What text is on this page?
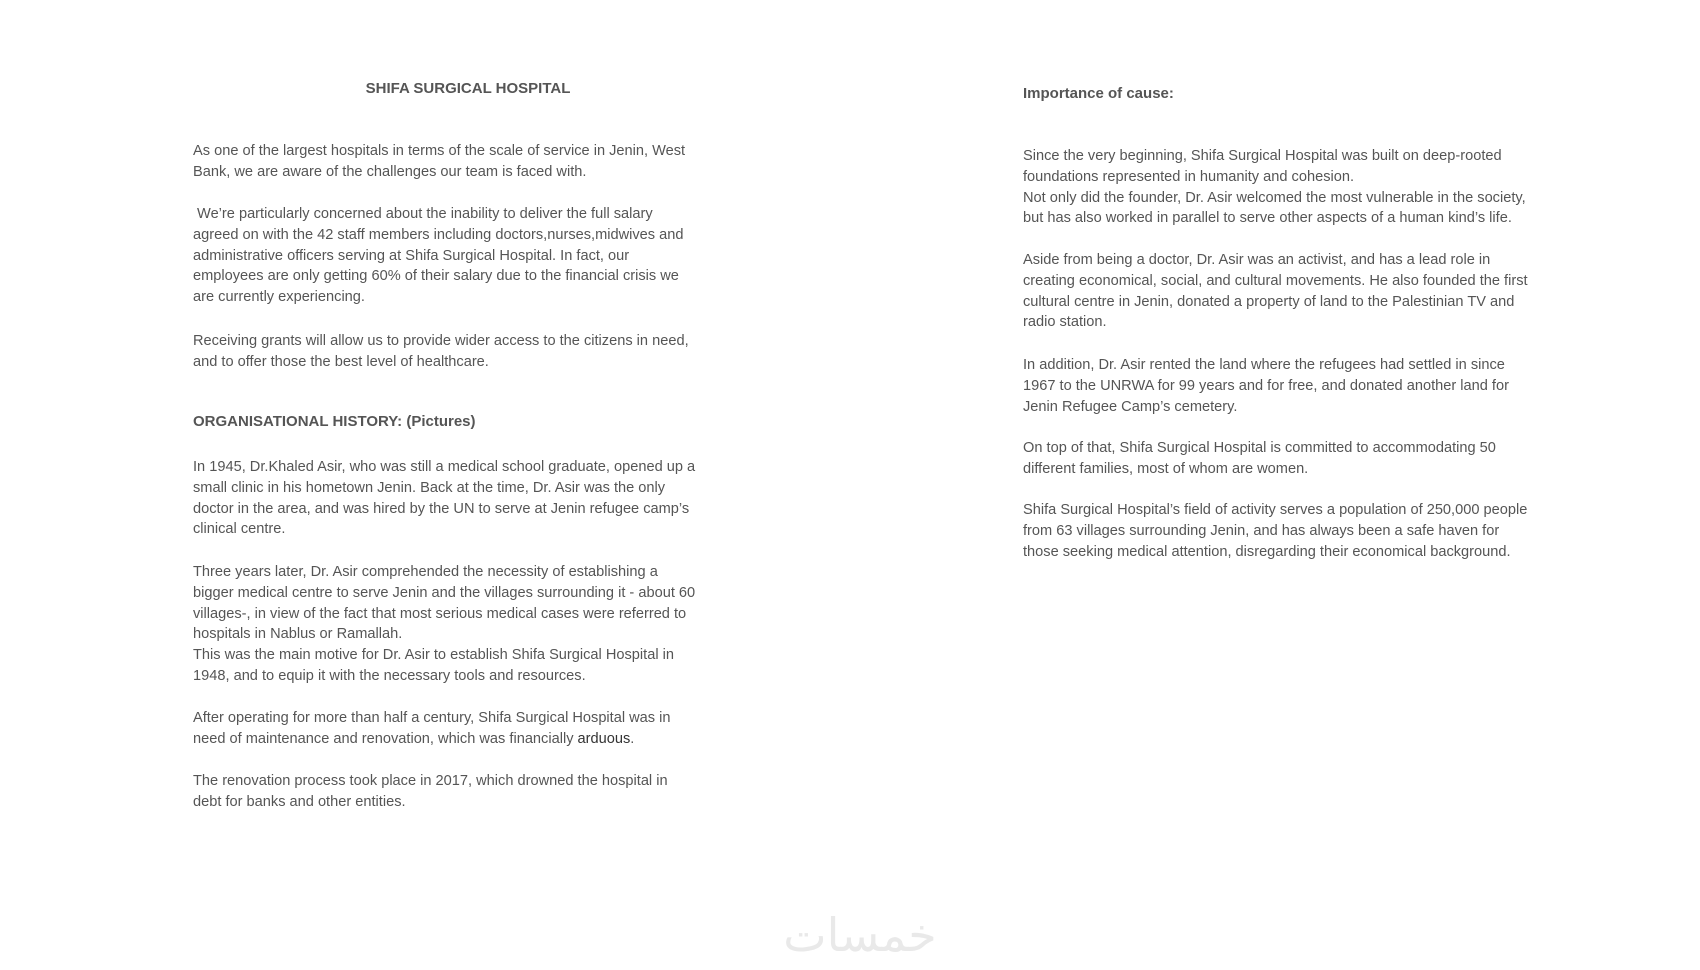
SHIFA SURGICAL HOSPITAL

As one of the largest hospitals in terms of the scale of service in Jenin, West
Bank, we are aware of the challenges our team is faced with.

We’re particularly concerned about the inability to deliver the full salary
agreed on with the 42 staff members including doctors,nurses,midwives and
administrative officers serving at Shifa Surgical Hospital. In fact, our
employees are only getting 60% of their salary due to the financial crisis we
are currently experiencing.

Receiving grants will allow us to provide wider access to the citizens in need,
and to offer those the best level of healthcare.

ORGANISATIONAL HISTORY: (Pictures)

In 1945, Dr.Khaled Asir, who was still a medical school graduate, opened up a
small clinic in his hometown Jenin. Back at the time, Dr. Asir was the only
doctor in the area, and was hired by the UN to serve at Jenin refugee camp’s
clinical centre.

Three years later, Dr. Asir comprehended the necessity of establishing a
bigger medical centre to serve Jenin and the villages surrounding it - about 60
villages-, in view of the fact that most serious medical cases were referred to
hospitals in Nablus or Ramallah.
This was the main motive for Dr. Asir to establish Shifa Surgical Hospital in
1948, and to equip it with the necessary tools and resources.

After operating for more than half a century, Shifa Surgical Hospital was in
need of maintenance and renovation, which was financially arduous.

The renovation process took place in 2017, which drowned the hospital in
debt for banks and other entities.

Importance of cause:

Since the very beginning, Shifa Surgical Hospital was built on deep-rooted
foundations represented in humanity and cohesion.
Not only did the founder, Dr. Asir welcomed the most vulnerable in the society,
but has also worked in parallel to serve other aspects of a human kind’s life.

Aside from being a doctor, Dr. Asir was an activist, and has a lead role in
creating economical, social, and cultural movements. He also founded the first
cultural centre in Jenin, donated a property of land to the Palestinian TV and
radio station.

In addition, Dr. Asir rented the land where the refugees had settled in since
1967 to the UNRWA for 99 years and for free, and donated another land for
Jenin Refugee Camp’s cemetery.

On top of that, Shifa Surgical Hospital is committed to accommodating 50
different families, most of whom are women.

Shifa Surgical Hospital’s field of activity serves a population of 250,000 people
from 63 villages surrounding Jenin, and has always been a safe haven for
those seeking medical attention, disregarding their economical background.

خمسات
